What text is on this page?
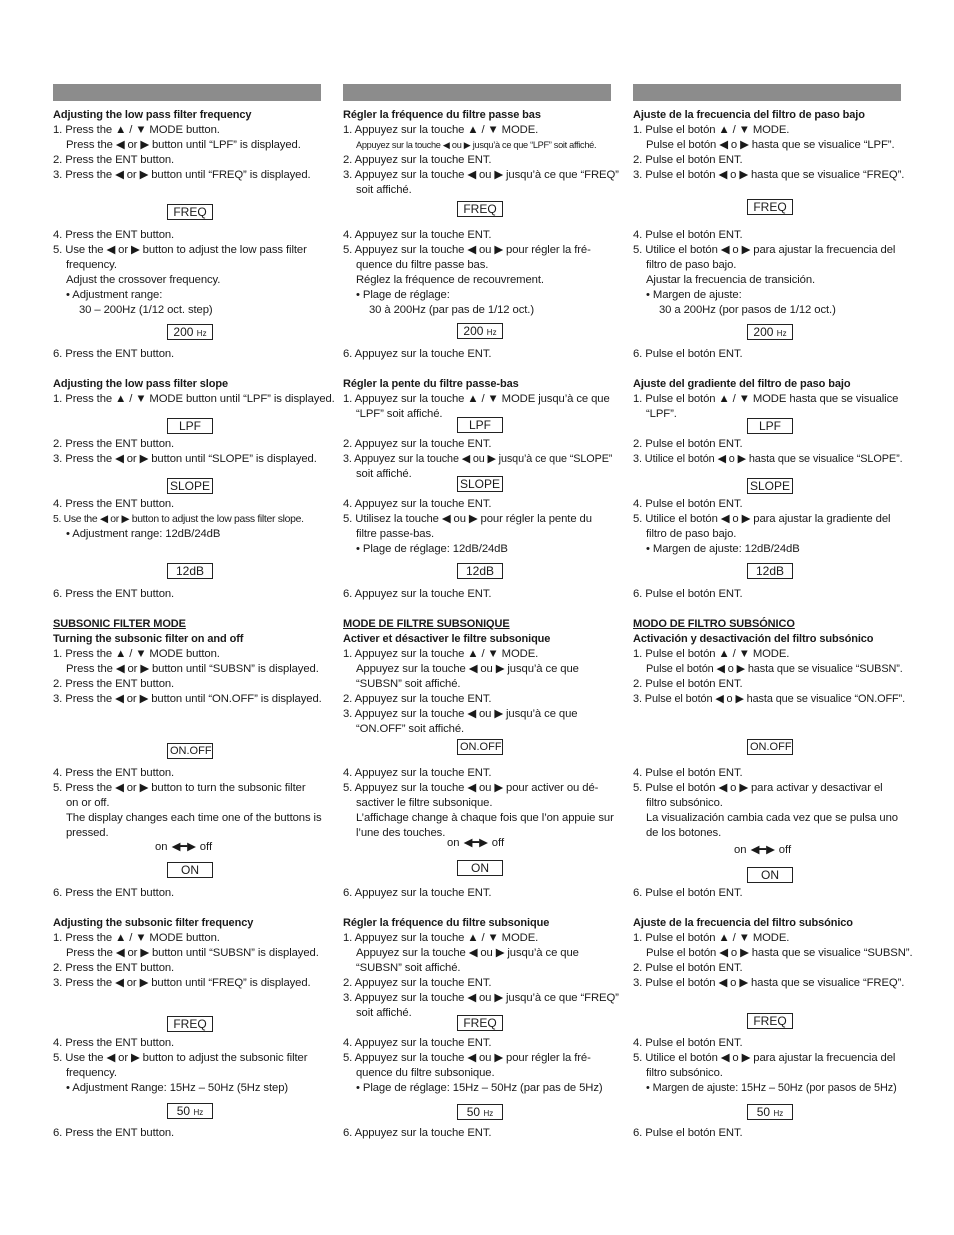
Adjusting the low pass filter frequency
1. Press the ▲ / ▼ MODE button.
Press the ◀ or ▶ button until “LPF” is displayed.
2. Press the ENT button.
3. Press the ◀ or ▶ button until “FREQ” is displayed.
FREQ
4. Press the ENT button.
5. Use the ◀ or ▶ button to adjust the low pass filter
frequency.
Adjust the crossover frequency.
• Adjustment range:
30 – 200Hz (1/12 oct. step)
200 Hz
6. Press the ENT button.
Adjusting the low pass filter slope
1. Press the ▲ / ▼ MODE button until “LPF” is displayed.
LPF
2. Press the ENT button.
3. Press the ◀ or ▶ button until “SLOPE” is displayed.
SLOPE
4. Press the ENT button.
5. Use the ◀ or ▶ button to adjust the low pass filter slope.
• Adjustment range: 12dB/24dB
12dB
6. Press the ENT button.
SUBSONIC FILTER MODE
Turning the subsonic filter on and off
1. Press the ▲ / ▼ MODE button.
Press the ◀ or ▶ button until “SUBSN” is displayed.
2. Press the ENT button.
3. Press the ◀ or ▶ button until “ON.OFF” is displayed.
ON.OFF
4. Press the ENT button.
5. Press the ◀ or ▶ button to turn the subsonic filter
on or off.
The display changes each time one of the buttons is
pressed.
on ◀━▶ off
ON
6. Press the ENT button.
Adjusting the subsonic filter frequency
1. Press the ▲ / ▼ MODE button.
Press the ◀ or ▶ button until “SUBSN” is displayed.
2. Press the ENT button.
3. Press the ◀ or ▶ button until “FREQ” is displayed.
FREQ
4. Press the ENT button.
5. Use the ◀ or ▶ button to adjust the subsonic filter
frequency.
• Adjustment Range: 15Hz – 50Hz (5Hz step)
50 Hz
6. Press the ENT button.
Régler la fréquence du filtre passe bas
1. Appuyez sur la touche ▲ / ▼ MODE.
Appuyez sur la touche ◀ ou ▶ jusqu’à ce que “LPF” soit affiché.
2. Appuyez sur la touche ENT.
3. Appuyez sur la touche ◀ ou ▶ jusqu’à ce que “FREQ”
soit affiché.
FREQ
4. Appuyez sur la touche ENT.
5. Appuyez sur la touche ◀ ou ▶ pour régler la fré-
quence du filtre passe bas.
Réglez la fréquence de recouvrement.
• Plage de réglage:
30 à 200Hz (par pas de 1/12 oct.)
200 Hz
6. Appuyez sur la touche ENT.
Régler la pente du filtre passe-bas
1. Appuyez sur la touche ▲ / ▼ MODE jusqu’à ce que
“LPF” soit affiché.
LPF
2. Appuyez sur la touche ENT.
3. Appuyez sur la touche ◀ ou ▶ jusqu’à ce que “SLOPE”
soit affiché.
SLOPE
4. Appuyez sur la touche ENT.
5. Utilisez la touche ◀ ou ▶ pour régler la pente du
filtre passe-bas.
• Plage de réglage: 12dB/24dB
12dB
6. Appuyez sur la touche ENT.
MODE DE FILTRE SUBSONIQUE
Activer et désactiver le filtre subsonique
1. Appuyez sur la touche ▲ / ▼ MODE.
Appuyez sur la touche ◀ ou ▶ jusqu’à ce que
“SUBSN” soit affiché.
2. Appuyez sur la touche ENT.
3. Appuyez sur la touche ◀ ou ▶ jusqu’à ce que
“ON.OFF” soit affiché.
ON.OFF
4. Appuyez sur la touche ENT.
5. Appuyez sur la touche ◀ ou ▶ pour activer ou dé-
sactiver le filtre subsonique.
L’affichage change à chaque fois que l’on appuie sur
l’une des touches.
on ◀━▶ off
ON
6. Appuyez sur la touche ENT.
Régler la fréquence du filtre subsonique
1. Appuyez sur la touche ▲ / ▼ MODE.
Appuyez sur la touche ◀ ou ▶ jusqu’à ce que
“SUBSN” soit affiché.
2. Appuyez sur la touche ENT.
3. Appuyez sur la touche ◀ ou ▶ jusqu’à ce que “FREQ”
soit affiché.
FREQ
4. Appuyez sur la touche ENT.
5. Appuyez sur la touche ◀ ou ▶ pour régler la fré-
quence du filtre subsonique.
• Plage de réglage: 15Hz – 50Hz (par pas de 5Hz)
50 Hz
6. Appuyez sur la touche ENT.
Ajuste de la frecuencia del filtro de paso bajo
1. Pulse el botón ▲ / ▼ MODE.
Pulse el botón ◀ o ▶ hasta que se visualice “LPF”.
2. Pulse el botón ENT.
3. Pulse el botón ◀ o ▶ hasta que se visualice “FREQ”.
FREQ
4. Pulse el botón ENT.
5. Utilice el botón ◀ o ▶ para ajustar la frecuencia del
filtro de paso bajo.
Ajustar la frecuencia de transición.
• Margen de ajuste:
30 a 200Hz (por pasos de 1/12 oct.)
200 Hz
6. Pulse el botón ENT.
Ajuste del gradiente del filtro de paso bajo
1. Pulse el botón ▲ / ▼ MODE hasta que se visualice
“LPF”.
LPF
2. Pulse el botón ENT.
3. Utilice el botón ◀ o ▶ hasta que se visualice “SLOPE”.
SLOPE
4. Pulse el botón ENT.
5. Utilice el botón ◀ o ▶ para ajustar la gradiente del
filtro de paso bajo.
• Margen de ajuste: 12dB/24dB
12dB
6. Pulse el botón ENT.
MODO DE FILTRO SUBSÓNICO
Activación y desactivación del filtro subsónico
1. Pulse el botón ▲ / ▼ MODE.
Pulse el botón ◀ o ▶ hasta que se visualice “SUBSN”.
2. Pulse el botón ENT.
3. Pulse el botón ◀ o ▶ hasta que se visualice “ON.OFF”.
ON.OFF
4. Pulse el botón ENT.
5. Pulse el botón ◀ o ▶ para activar y desactivar el
filtro subsónico.
La visualización cambia cada vez que se pulsa uno
de los botones.
on ◀━▶ off
ON
6. Pulse el botón ENT.
Ajuste de la frecuencia del filtro subsónico
1. Pulse el botón ▲ / ▼ MODE.
Pulse el botón ◀ o ▶ hasta que se visualice “SUBSN”.
2. Pulse el botón ENT.
3. Pulse el botón ◀ o ▶ hasta que se visualice “FREQ”.
FREQ
4. Pulse el botón ENT.
5. Utilice el botón ◀ o ▶ para ajustar la frecuencia del
filtro subsónico.
• Margen de ajuste: 15Hz – 50Hz (por pasos de 5Hz)
50 Hz
6. Pulse el botón ENT.
